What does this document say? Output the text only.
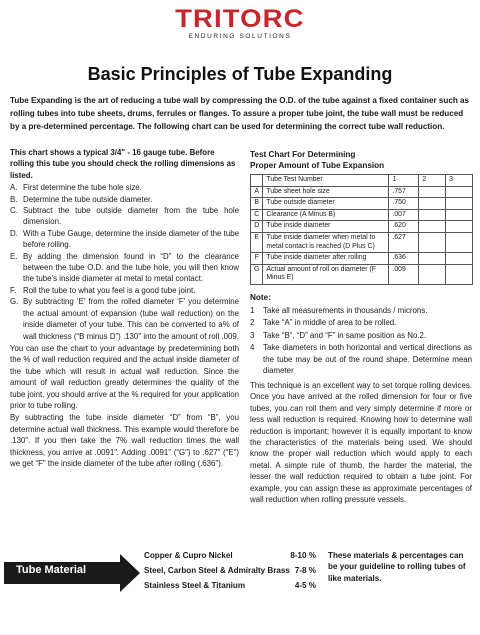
TRITORC
ENDURING SOLUTIONS
Basic Principles of Tube Expanding
Tube Expanding is the art of reducing a tube wall by compressing the O.D. of the tube against a fixed container such as rolling tubes into tube sheets, drums, ferrules or flanges. To assure a proper tube joint, the tube wall must be reduced by a pre-determined percentage. The following chart can be used for determining the correct tube wall reduction.
This chart shows a typical 3/4" - 16 gauge tube. Before rolling this tube you should check the rolling dimensions as listed.
A. First determine the tube hole size.
B. Determine the tube outside diameter.
C. Subtract the tube outside diameter from the tube hole dimension.
D. With a Tube Gauge, determine the inside diameter of the tube before rolling.
E. By adding the dimension found in “D” to the clearance between the tube O.D. and the tube hole, you will then know the tube’s inside diameter at metal to metal contact.
F. Roll the tube to what you feel is a good tube joint.
G. By subtracting ‘E’ from the rolled diameter ‘F’ you determine the actual amount of expansion (tube wall reduction) on the inside diameter of your tube. This can be converted to a% of wall thickness (“B minus D”) .130" into the amount of roll .009.

You can use the chart to your advantage by predetermining both the % of wall reduction required and the actual inside diameter of the tube which will result in actual wall reduction. Since the amount of wall reduction greatly determines the quality of the tube joint, you should arrive at the % required for your application prior to tube rolling.

By subtracting the tube inside diameter “D” from “B”, you determine actual wall thickness. This example would therefore be .130". If you then take the 7% wall reduction times the wall thickness, you arrive at .0091". Adding .0091" (“G") to .627" (“E") we get “F" the inside diameter of the tube after rolling (.636").

Test Chart For Determining
Proper Amount of Tube Expansion
	Tube Test Number	1	2	3
A	Tube sheet hole size	.757		
B	Tube outside diameter	.750		
C	Clearance (A Minus B)	.007		
D	Tube inside diameter	.620		
E	Tube inside diameter when metal to metal contact is reached (D Plus C)	.627		
F	Tube inside diameter after rolling	.636		
G	Actual amount of roll on diameter (F Minus E)	.009		
Note:
1	Take all measurements in thousands / microns.
2	Take “A” in middle of area to be rolled.
3	Take “B”, “D” and “F” in same position as No.2.
4	Take diameters in both horizontal and vertical directions as the tube may be out of the round shape. Determine mean diameter
This technique is an excellent way to set torque rolling devices. Once you have arrived at the rolled dimension for four or five tubes, you can roll them and very simply determine if more or less wall reduction is required. Knowing how to determine wall reduction is important; however it is equally important to know the characteristics of the materials being used. We should know the proper wall reduction which would apply to each metal. A simple rule of thumb, the harder the material, the lesser the wall reduction required to obtain a tube joint. For example, you can assign these as approximate percentages of wall reduction when rolling pressure vessels.
Tube Material
Copper & Cupro Nickel	8-10 %
Steel, Carbon Steel & Admiralty Brass 7-8 %
Stainless Steel & Titanium	4-5 %
These materials & percentages can be your guideline to rolling tubes of like materials.
